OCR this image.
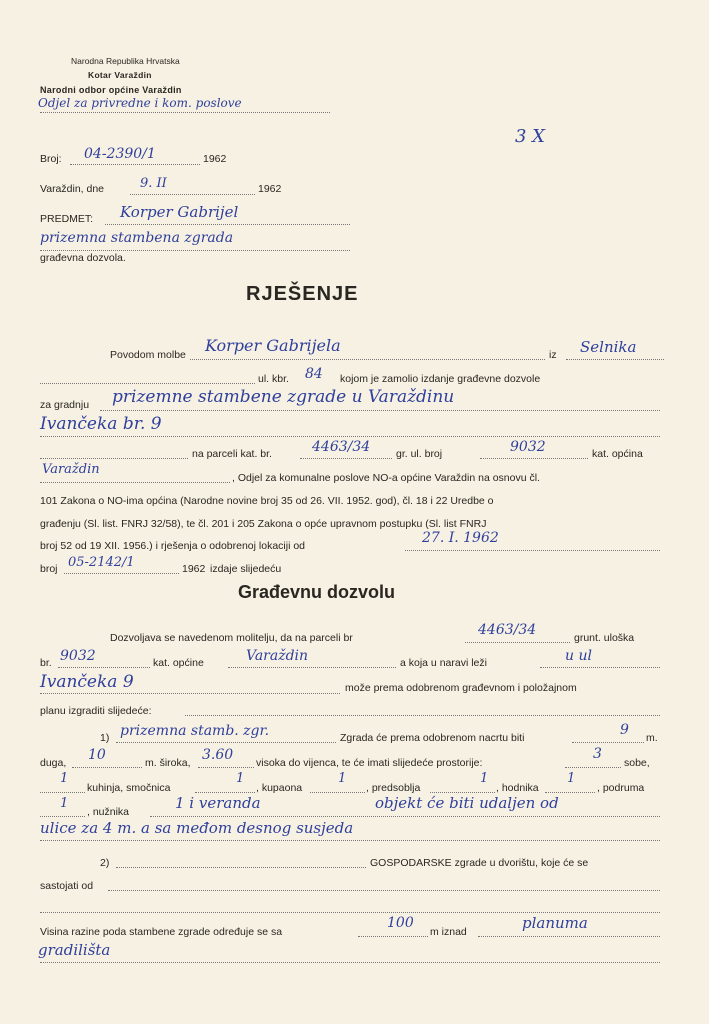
Narodna Republika Hrvatska
Kotar Varaždin
Narodni odbor općine Varaždin
Odjel za privredne i kom. poslove
3 X
Broj: 04-2390/1	1962
Varaždin, dne	9. II	1962
PREDMET: Korper Gabrijel
prizemna stambena zgrada
građevna dozvola.
RJEŠENJE
Povodom molbe Korper Gabrijela	iz Selnika
ul. kbr. 84 kojom je zamolio izdanje građevne dozvole
za gradnju prizemne stambene zgrade u Varaždinu
Ivančeka br. 9
na parceli kat. br.	4463/34 gr. ul. broj	9032	kat. općina
Varaždin
, Odjel za komunalne poslove NO-a općine Varaždin na osnovu čl.
101 Zakona o NO-ima općina (Narodne novine broj 35 od 26. VII. 1952. god), čl. 18 i 22 Uredbe o
građenju (Sl. list. FNRJ 32/58), te čl. 201 i 205 Zakona o opće upravnom postupku (Sl. list FNRJ
broj 52 od 19 XII. 1956.) i rješenja o odobrenoj lokaciji od	27. I. 1962
broj 05-2142/1	1962 izdaje slijedeću
Građevnu dozvolu
Dozvoljava se navedenom molitelju, da na parceli br	4463/34	grunt. uloška
br. 9032	kat. općine	Varaždin	a koja u naravi leži	u ul
Ivančeka 9	može prema odobrenom građevnom i položajnom
planu izgraditi slijedeće:
1) prizemna stamb. zgr.	Zgrada će prema odobrenom nacrtu biti	9 m.
duga, 10	m. široka, 3.60 visoka do vijenca, te će imati slijedeće prostorije:
3
sobe,
1
kuhinja, smočnica
1
, kupaona
1
, predsoblja
1
, hodnika
1
, podruma
1
, nužnika	1 i veranda	objekt će biti udaljen od
ulice za 4 m. a sa međom desnog susjeda
2)	GOSPODARSKE zgrade u dvorištu, koje će se
sastojati od
Visina razine poda stambene zgrade određuje se sa
100
m iznad	planuma
gradilišta
